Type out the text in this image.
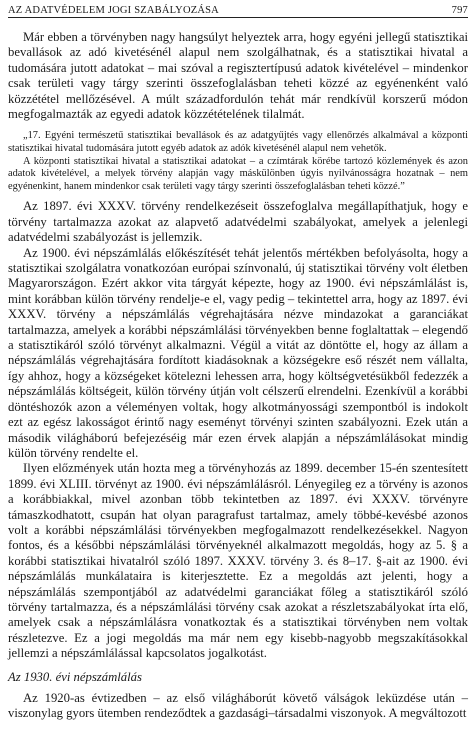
AZ ADATVÉDELEM JOGI SZABÁLYOZÁSA	797

Már ebben a törvényben nagy hangsúlyt helyeztek arra, hogy egyéni jellegű statisztikai bevallások az adó kivetésénél alapul nem szolgálhatnak, és a statisztikai hivatal a tudomására jutott adatokat – mai szóval a regisztertípusú adatok kivételével – mindenkor csak területi vagy tárgy szerinti összefoglalásban teheti közzé az egyénenként való közzététel mellőzésével. A múlt századfordulón tehát már rendkívül korszerű módon megfogalmazták az egyedi adatok közzétételének tilalmát.

„17. Egyéni természetű statisztikai bevallások és az adatgyűjtés vagy ellenőrzés alkalmával a központi statisztikai hivatal tudomására jutott egyéb adatok az adók kivetésénél alapul nem vehetők.

A központi statisztikai hivatal a statisztikai adatokat – a czímtárak körébe tartozó közlemények és azon adatok kivételével, a melyek törvény alapján vagy máskülönben úgyis nyilvánosságra hozatnak – nem egyénenkint, hanem mindenkor csak területi vagy tárgy szerinti összefoglalásban teheti közzé.”

Az 1897. évi XXXV. törvény rendelkezéseit összefoglalva megállapíthatjuk, hogy e törvény tartalmazza azokat az alapvető adatvédelmi szabályokat, amelyek a jelenlegi adatvédelmi szabályozást is jellemzik.

Az 1900. évi népszámlálás előkészítését tehát jelentős mértékben befolyásolta, hogy a statisztikai szolgálatra vonatkozóan európai színvonalú, új statisztikai törvény volt életben Magyarországon. Ezért akkor vita tárgyát képezte, hogy az 1900. évi népszámlálást is, mint korábban külön törvény rendelje-e el, vagy pedig – tekintettel arra, hogy az 1897. évi XXXV. törvény a népszámlálás végrehajtására nézve mindazokat a garanciákat tartalmazza, amelyek a korábbi népszámlálási törvényekben benne foglaltattak – elegendő a statisztikáról szóló törvényt alkalmazni. Végül a vitát az döntötte el, hogy az állam a népszámlálás végrehajtására fordított kiadásoknak a községekre eső részét nem vállalta, így ahhoz, hogy a községeket kötelezni lehessen arra, hogy költségvetésükből fedezzék a népszámlálás költségeit, külön törvény útján volt célszerű elrendelni. Ezenkívül a korábbi döntéshozók azon a véleményen voltak, hogy alkotmányossági szempontból is indokolt ezt az egész lakosságot érintő nagy eseményt törvényi szinten szabályozni. Ezek után a második világháború befejezéséig már ezen érvek alapján a népszámlálásokat mindig külön törvény rendelte el.

Ilyen előzmények után hozta meg a törvényhozás az 1899. december 15-én szentesített 1899. évi XLIII. törvényt az 1900. évi népszámlálásról. Lényegileg ez a törvény is azonos a korábbiakkal, mivel azonban több tekintetben az 1897. évi XXXV. törvényre támaszkodhatott, csupán hat olyan paragrafust tartalmaz, amely többé-kevésbé azonos volt a korábbi népszámlálási törvényekben megfogalmazott rendelkezésekkel. Nagyon fontos, és a későbbi népszámlálási törvényeknél alkalmazott megoldás, hogy az 5. § a korábbi statisztikai hivatalról szóló 1897. XXXV. törvény 3. és 8–17. §-ait az 1900. évi népszámlálás munkálataira is kiterjesztette. Ez a megoldás azt jelenti, hogy a népszámlálás szempontjából az adatvédelmi garanciákat főleg a statisztikáról szóló törvény tartalmazza, és a népszámlálási törvény csak azokat a részletszabályokat írta elő, amelyek csak a népszámlálásra vonatkoztak és a statisztikai törvényben nem voltak részletezve. Ez a jogi megoldás ma már nem egy kisebb-nagyobb megszakításokkal jellemzi a népszámlálással kapcsolatos jogalkotást.

Az 1930. évi népszámlálás

Az 1920-as évtizedben – az első világháborút követő válságok leküzdése után – viszonylag gyors ütemben rendeződtek a gazdasági–társadalmi viszonyok. A megváltozott
